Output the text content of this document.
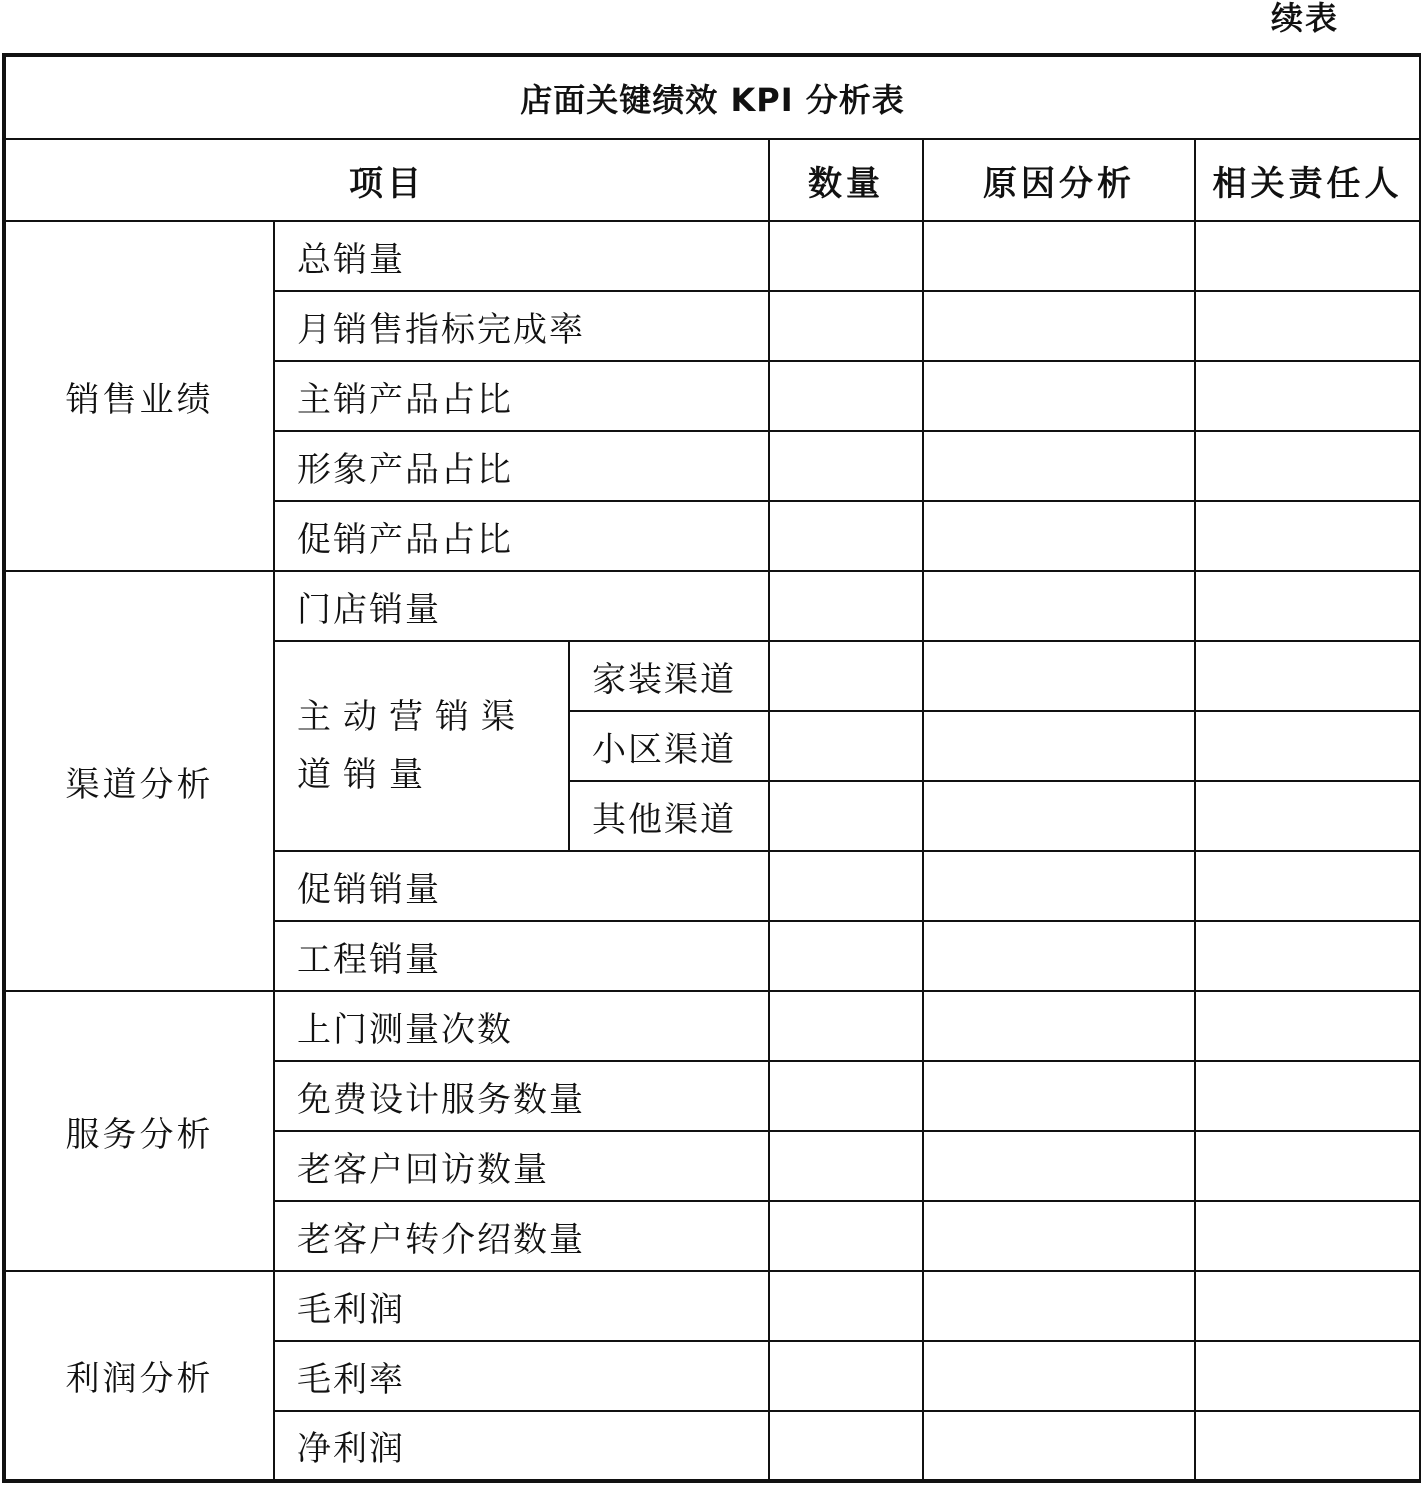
续表
店面关键绩效 KPI 分析表					
项目			数量	原因分析	相关责任人
销售业绩	总销量				
	月销售指标完成率				
	主销产品占比				
	形象产品占比				
	促销产品占比				
渠道分析	门店销量				
	主动营销渠道销量	家装渠道			
		小区渠道			
		其他渠道			
	促销销量				
	工程销量				
服务分析	上门测量次数				
	免费设计服务数量				
	老客户回访数量				
	老客户转介绍数量				
利润分析	毛利润				
	毛利率				
	净利润				
